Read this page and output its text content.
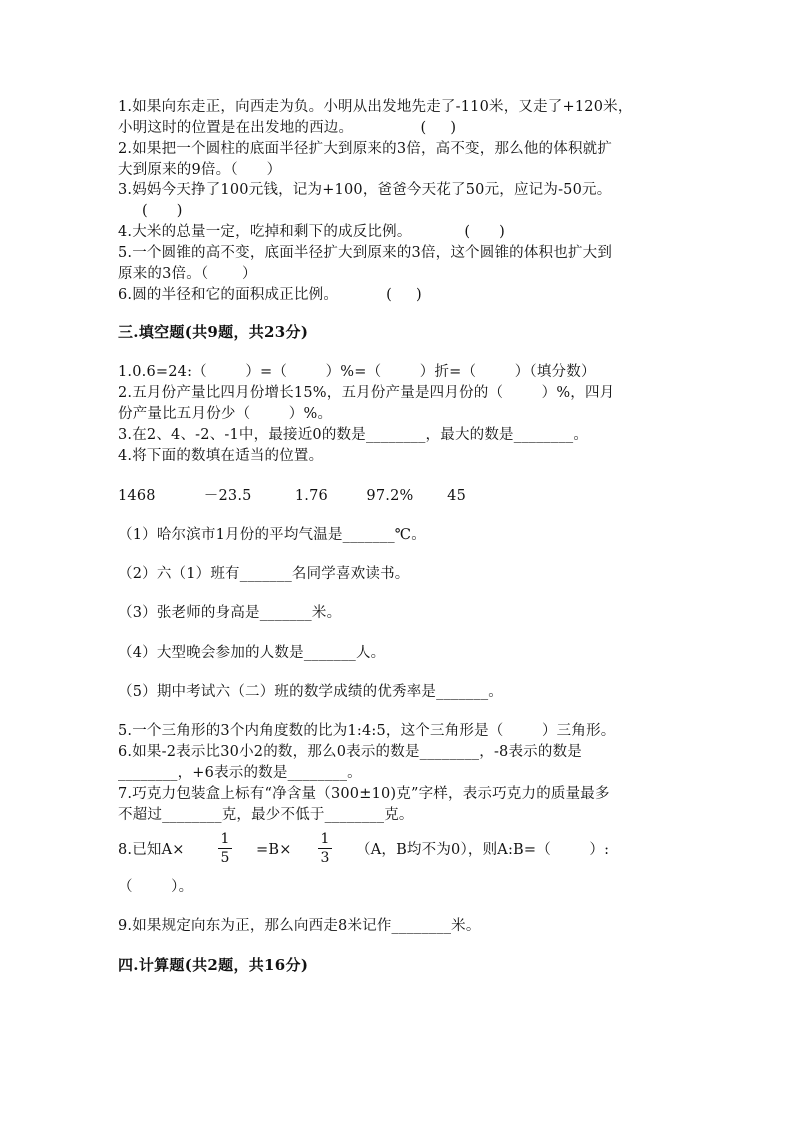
1.如果向东走正，向西走为负。小明从出发地先走了-110米，又走了+120米，
小明这时的位置是在出发地的西边。              (     )
2.如果把一个圆柱的底面半径扩大到原来的3倍，高不变，那么他的体积就扩
大到原来的9倍。（      ）
3.妈妈今天挣了100元钱，记为+100，爸爸今天花了50元，应记为-50元。
(      )
4.大米的总量一定，吃掉和剩下的成反比例。           (      )
5.一个圆锥的高不变，底面半径扩大到原来的3倍，这个圆锥的体积也扩大到
原来的3倍。（       ）
6.圆的半径和它的面积成正比例。          (     )
三.填空题(共9题，共23分)
1.0.6=24:（        ）=（        ）%=（        ）折=（        ）（填分数）
2.五月份产量比四月份增长15%，五月份产量是四月份的（        ）%，四月
份产量比五月份少（        ）%。
3.在2、4、-2、-1中，最接近0的数是________，最大的数是________。
4.将下面的数填在适当的位置。
1468          －23.5         1.76        97.2%       45
（1）哈尔滨市1月份的平均气温是_______℃。
（2）六（1）班有_______名同学喜欢读书。
（3）张老师的身高是_______米。
（4）大型晚会参加的人数是_______人。
（5）期中考试六（二）班的数学成绩的优秀率是_______。
5.一个三角形的3个内角度数的比为1:4:5，这个三角形是（        ）三角形。
6.如果-2表示比30小2的数，那么0表示的数是________，-8表示的数是
________，+6表示的数是________。
7.巧克力包装盒上标有“净含量（300±10)克”字样，表示巧克力的质量最多
不超过________克，最少不低于________克。
8.已知A×
1
5 =B×
1
3 （A，B均不为0），则A:B=（        ）:
（        ）。
9.如果规定向东为正，那么向西走8米记作________米。
四.计算题(共2题，共16分)
